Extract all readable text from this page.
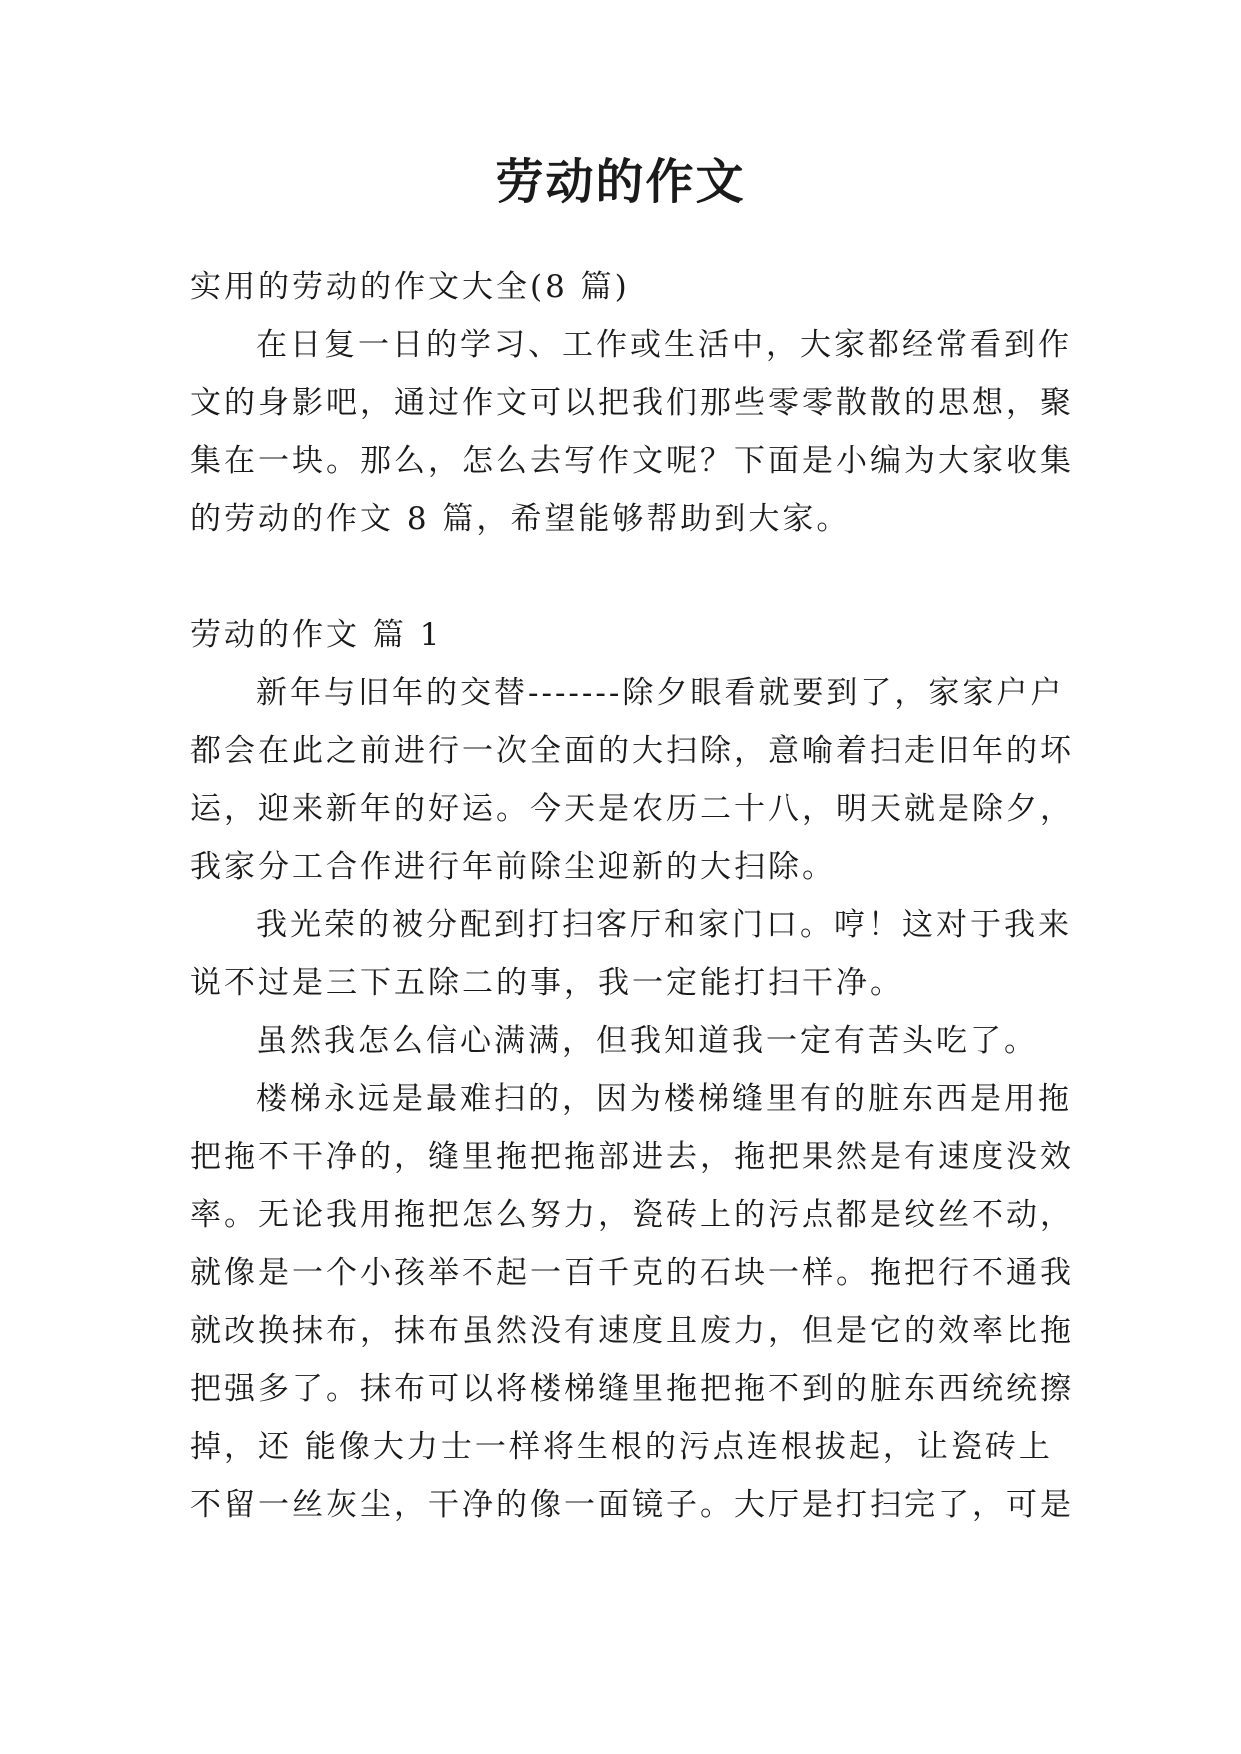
劳动的作文

实用的劳动的作文大全(8 篇)

在日复一日的学习、工作或生活中，大家都经常看到作

文的身影吧，通过作文可以把我们那些零零散散的思想，聚

集在一块。那么，怎么去写作文呢？下面是小编为大家收集

的劳动的作文 8 篇，希望能够帮助到大家。

劳动的作文 篇 1

新年与旧年的交替-------除夕眼看就要到了，家家户户

都会在此之前进行一次全面的大扫除，意喻着扫走旧年的坏

运，迎来新年的好运。今天是农历二十八，明天就是除夕，

我家分工合作进行年前除尘迎新的大扫除。

我光荣的被分配到打扫客厅和家门口。哼！这对于我来

说不过是三下五除二的事，我一定能打扫干净。

虽然我怎么信心满满，但我知道我一定有苦头吃了。

楼梯永远是最难扫的，因为楼梯缝里有的脏东西是用拖

把拖不干净的，缝里拖把拖部进去，拖把果然是有速度没效

率。无论我用拖把怎么努力，瓷砖上的污点都是纹丝不动，

就像是一个小孩举不起一百千克的石块一样。拖把行不通我

就改换抹布，抹布虽然没有速度且废力，但是它的效率比拖

把强多了。抹布可以将楼梯缝里拖把拖不到的脏东西统统擦

掉，还 能像大力士一样将生根的污点连根拔起，让瓷砖上

不留一丝灰尘，干净的像一面镜子。大厅是打扫完了，可是
